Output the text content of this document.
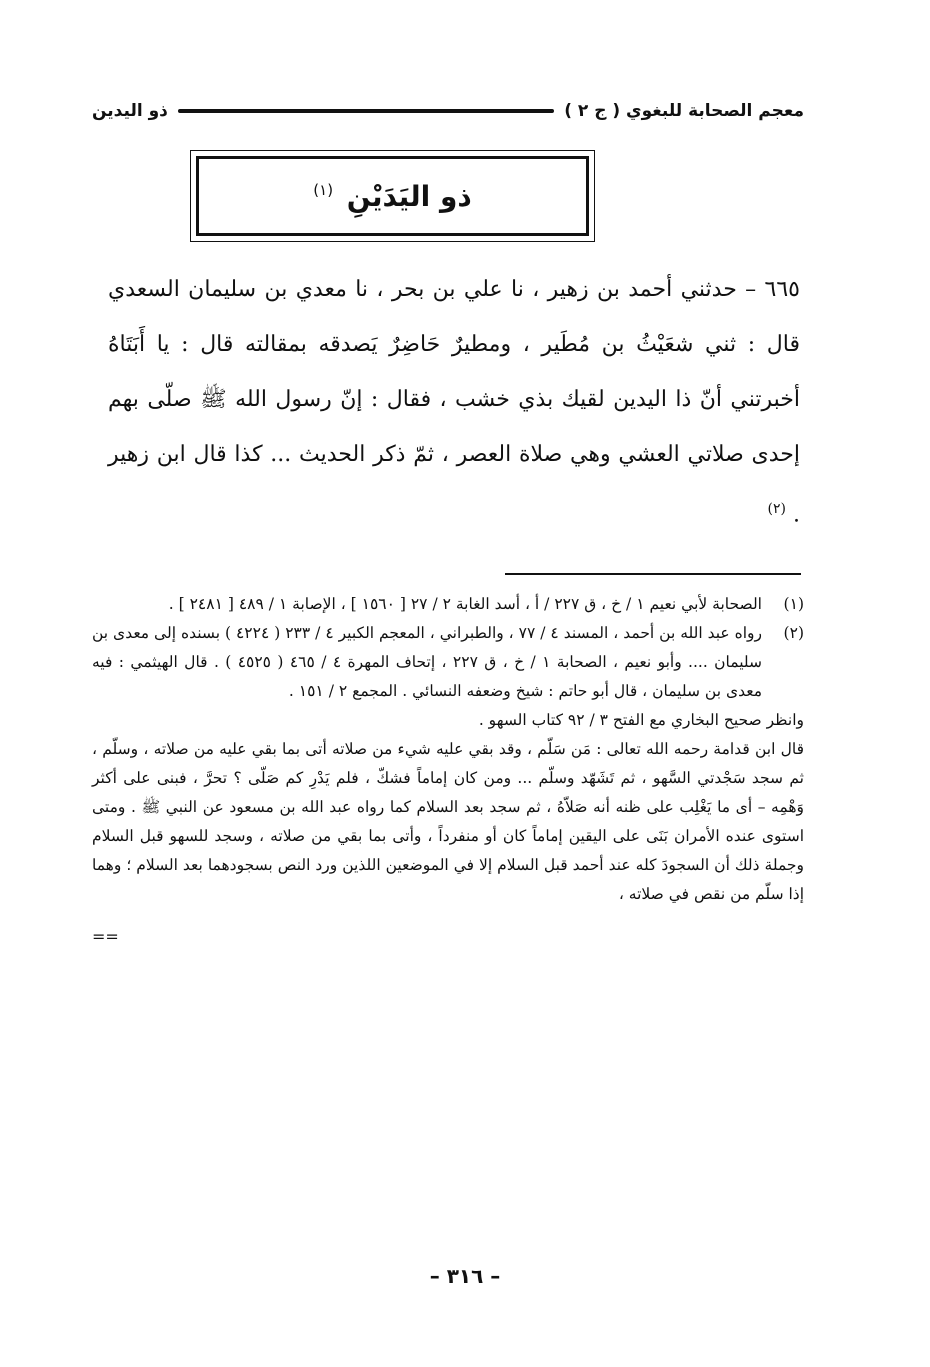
معجم الصحابة للبغوي ( ج ٢ )
ذو اليدين
ذو اليَدَيْنِ $^{(١)}$
٦٦٥ – حدثني أحمد بن زهير ، نا علي بن بحر ، نا معدي بن سليمان السعدي قال : ثني شعَيْثُ بن مُطَير ، ومطيرٌ حَاضِرٌ يَصدقه بمقالته قال : يا أَبَتَاهُ أخبرتني أنّ ذا اليدين لقيك بذي خشب ، فقال : إنّ رسول الله ﷺ صلّى بهم إحدى صلاتي العشي وهي صلاة العصر ، ثمّ ذكر الحديث ... كذا قال ابن زهير . $^{(٢)}$
(١)
الصحابة لأبي نعيم ١ / خ ، ق ٢٢٧ / أ ، أسد الغابة ٢ / ٢٧ [ ١٥٦٠ ] ، الإصابة ١ / ٤٨٩ [ ٢٤٨١ ] .
(٢)
رواه عبد الله بن أحمد ، المسند ٤ / ٧٧ ، والطبراني ، المعجم الكبير ٤ / ٢٣٣ ( ٤٢٢٤ ) بسنده إلى معدى بن سليمان .... وأبو نعيم ، الصحابة ١ / خ ، ق ٢٢٧ ، إتحاف المهرة ٤ / ٤٦٥ ( ٤٥٢٥ ) . قال الهيثمي : فيه معدى بن سليمان ، قال أبو حاتم : شيخ وضعفه النسائي . المجمع ٢ / ١٥١ .
وانظر صحيح البخاري مع الفتح ٣ / ٩٢ كتاب السهو .
قال ابن قدامة رحمه الله تعالى : مَن سَلّم ، وقد بقي عليه شيء من صلاته أتى بما بقي عليه من صلاته ، وسلّم ، ثم سجد سَجْدتي السَّهو ، ثم تَشَهّد وسلّم ... ومن كان إماماً فشكّ ، فلم يَدْرِ كم صَلّى ؟ تحرَّ ، فبنى على أكثر وَهْمِه – أى ما يَغْلِب على ظنه أنه صَلاّهُ ، ثم سجد بعد السلام كما رواه عبد الله بن مسعود عن النبي ﷺ . ومتى استوى عنده الأمران بَنَى على اليقين إماماً كان أو منفرداً ، وأتى بما بقي من صلاته ، وسجد للسهو قبل السلام وجملة ذلك أن السجودَ كله عند أحمد قبل السلام إلا في الموضعين اللذين ورد النص بسجودهما بعد السلام ؛ وهما إذا سلّم من نقص في صلاته ،
==
– ٣١٦ –
